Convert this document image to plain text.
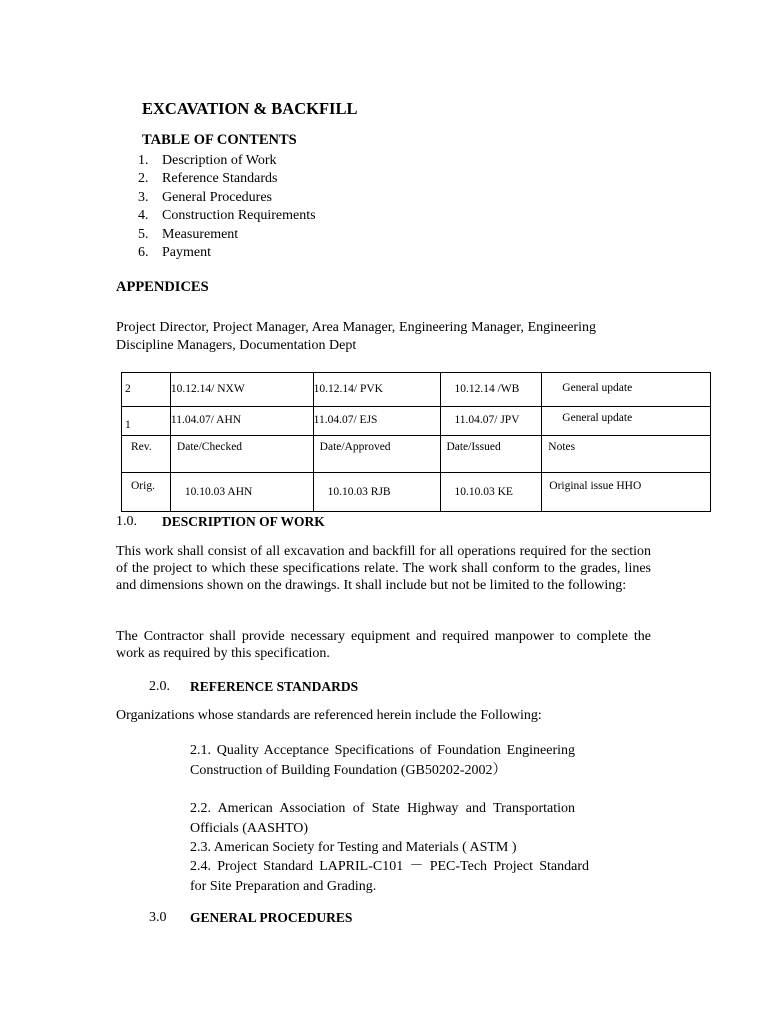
EXCAVATION & BACKFILL
TABLE OF CONTENTS
1. Description of Work
2. Reference Standards
3. General Procedures
4. Construction Requirements
5. Measurement
6. Payment
APPENDICES
Project Director, Project Manager, Area Manager, Engineering Manager, Engineering Discipline Managers, Documentation Dept
2	10.12.14/ NXW	10.12.14/ PVK	10.12.14 /WB	General update

1	11.04.07/ AHN	11.04.07/ EJS	11.04.07/ JPV	General update

Rev.	Date/Checked	Date/Approved	Date/Issued	Notes

Orig.	10.10.03 AHN	10.10.03 RJB	10.10.03 KE	Original issue HHO
1.0. DESCRIPTION OF WORK
This work shall consist of all excavation and backfill for all operations required for the section of the project to which these specifications relate. The work shall conform to the grades, lines and dimensions shown on the drawings. It shall include but not be limited to the following:
The Contractor shall provide necessary equipment and required manpower to complete the work as required by this specification.
2.0. REFERENCE STANDARDS
Organizations whose standards are referenced herein include the Following:
2.1. Quality Acceptance Specifications of Foundation Engineering Construction of Building Foundation (GB50202-2002）
2.2. American Association of State Highway and Transportation Officials (AASHTO)
2.3. American Society for Testing and Materials ( ASTM )
2.4. Project Standard LAPRIL-C101 － PEC-Tech Project Standard for Site Preparation and Grading.
3.0 GENERAL PROCEDURES
